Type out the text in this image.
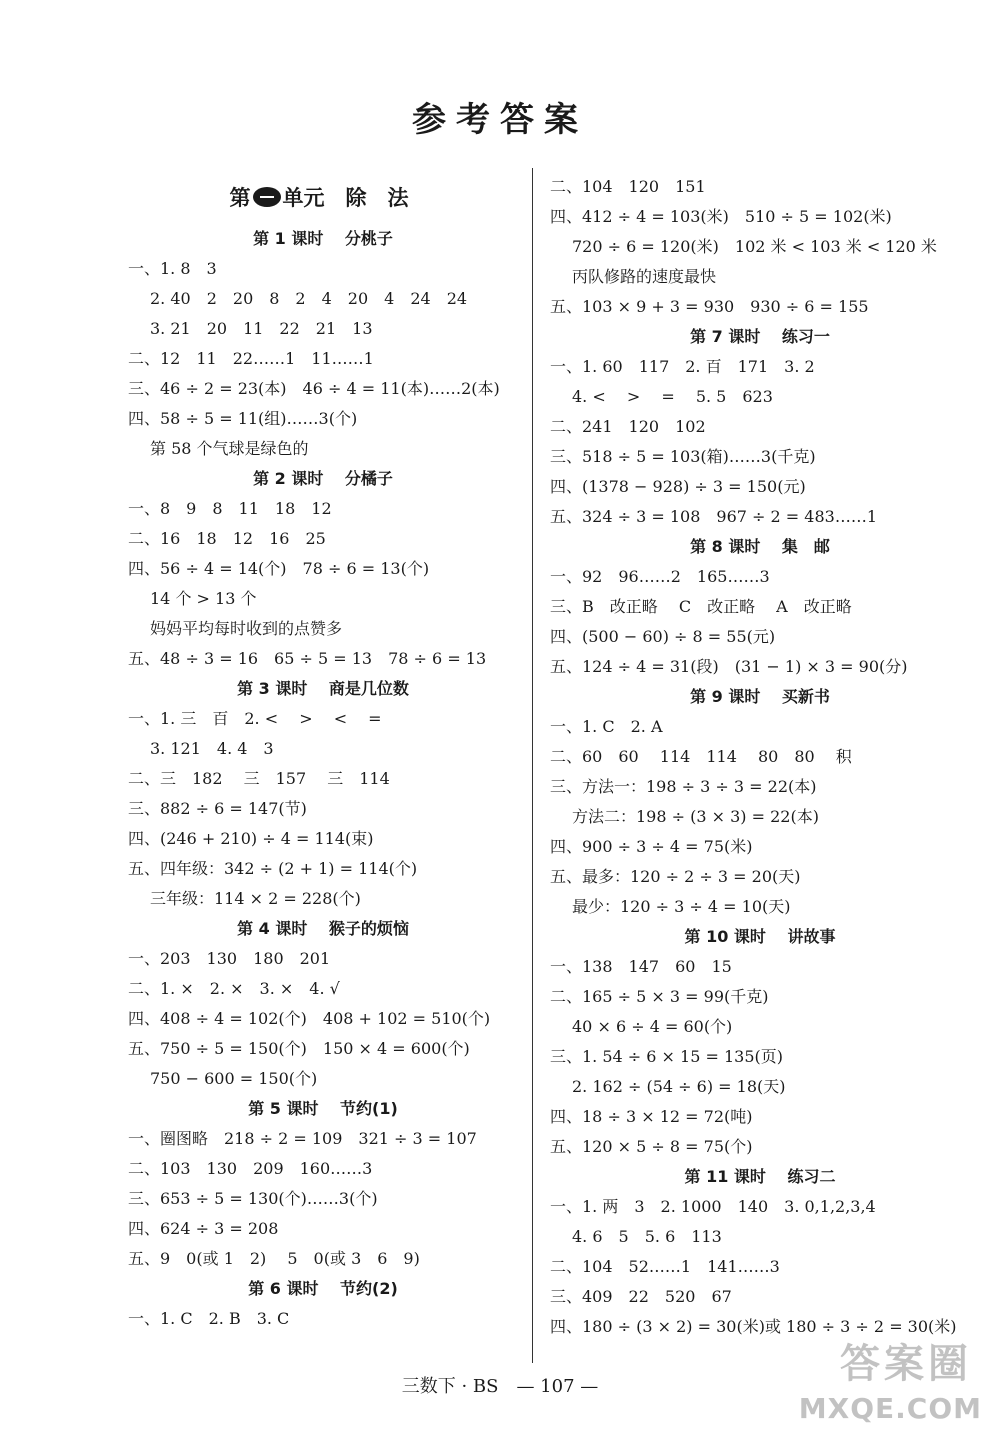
参考答案
第 单元　除　法
第 1 课时　 分桃子
一、1. 8　3
2. 40　2　20　8　2　4　20　4　24　24
3. 21　20　11　22　21　13
二、12　11　22……1　11……1
三、46 ÷ 2 = 23(本)　46 ÷ 4 = 11(本)……2(本)
四、58 ÷ 5 = 11(组)……3(个)
第 58 个气球是绿色的
第 2 课时　 分橘子
一、8　9　8　11　18　12
二、16　18　12　16　25
四、56 ÷ 4 = 14(个)　78 ÷ 6 = 13(个)
14 个 > 13 个
妈妈平均每时收到的点赞多
五、48 ÷ 3 = 16　65 ÷ 5 = 13　78 ÷ 6 = 13
第 3 课时　 商是几位数
一、1. 三　百　2. <　 >　 <　 =
3. 121　4. 4　3
二、三　182　 三　157　 三　114
三、882 ÷ 6 = 147(节)
四、(246 + 210) ÷ 4 = 114(束)
五、四年级：342 ÷ (2 + 1) = 114(个)
三年级：114 × 2 = 228(个)
第 4 课时　 猴子的烦恼
一、203　130　180　201
二、1. ×　2. ×　3. ×　4. √
四、408 ÷ 4 = 102(个)　408 + 102 = 510(个)
五、750 ÷ 5 = 150(个)　150 × 4 = 600(个)
750 − 600 = 150(个)
第 5 课时　 节约(1)
一、圈图略　218 ÷ 2 = 109　321 ÷ 3 = 107
二、103　130　209　160……3
三、653 ÷ 5 = 130(个)……3(个)
四、624 ÷ 3 = 208
五、9　0(或 1　2)　 5　0(或 3　6　9)
第 6 课时　 节约(2)
一、1. C　2. B　3. C
二、104　120　151
四、412 ÷ 4 = 103(米)　510 ÷ 5 = 102(米)
720 ÷ 6 = 120(米)　102 米 < 103 米 < 120 米
丙队修路的速度最快
五、103 × 9 + 3 = 930　930 ÷ 6 = 155
第 7 课时　 练习一
一、1. 60　117　2. 百　171　3. 2
4. <　 >　 =　 5. 5　623
二、241　120　102
三、518 ÷ 5 = 103(箱)……3(千克)
四、(1378 − 928) ÷ 3 = 150(元)
五、324 ÷ 3 = 108　967 ÷ 2 = 483……1
第 8 课时　 集　邮
一、92　96……2　165……3
三、B　改正略　 C　改正略　 A　改正略
四、(500 − 60) ÷ 8 = 55(元)
五、124 ÷ 4 = 31(段)　(31 − 1) × 3 = 90(分)
第 9 课时　 买新书
一、1. C　2. A
二、60　60　 114　114　 80　80　 积
三、方法一：198 ÷ 3 ÷ 3 = 22(本)
方法二：198 ÷ (3 × 3) = 22(本)
四、900 ÷ 3 ÷ 4 = 75(米)
五、最多：120 ÷ 2 ÷ 3 = 20(天)
最少：120 ÷ 3 ÷ 4 = 10(天)
第 10 课时　 讲故事
一、138　147　60　15
二、165 ÷ 5 × 3 = 99(千克)
40 × 6 ÷ 4 = 60(个)
三、1. 54 ÷ 6 × 15 = 135(页)
2. 162 ÷ (54 ÷ 6) = 18(天)
四、18 ÷ 3 × 12 = 72(吨)
五、120 × 5 ÷ 8 = 75(个)
第 11 课时　 练习二
一、1. 两　3　2. 1000　140　3. 0,1,2,3,4
4. 6　5　5. 6　113
二、104　52……1　141……3
三、409　22　520　67
四、180 ÷ (3 × 2) = 30(米)或 180 ÷ 3 ÷ 2 = 30(米)
三数下 · BS　— 107 —	答案圈
MXQE.COM
